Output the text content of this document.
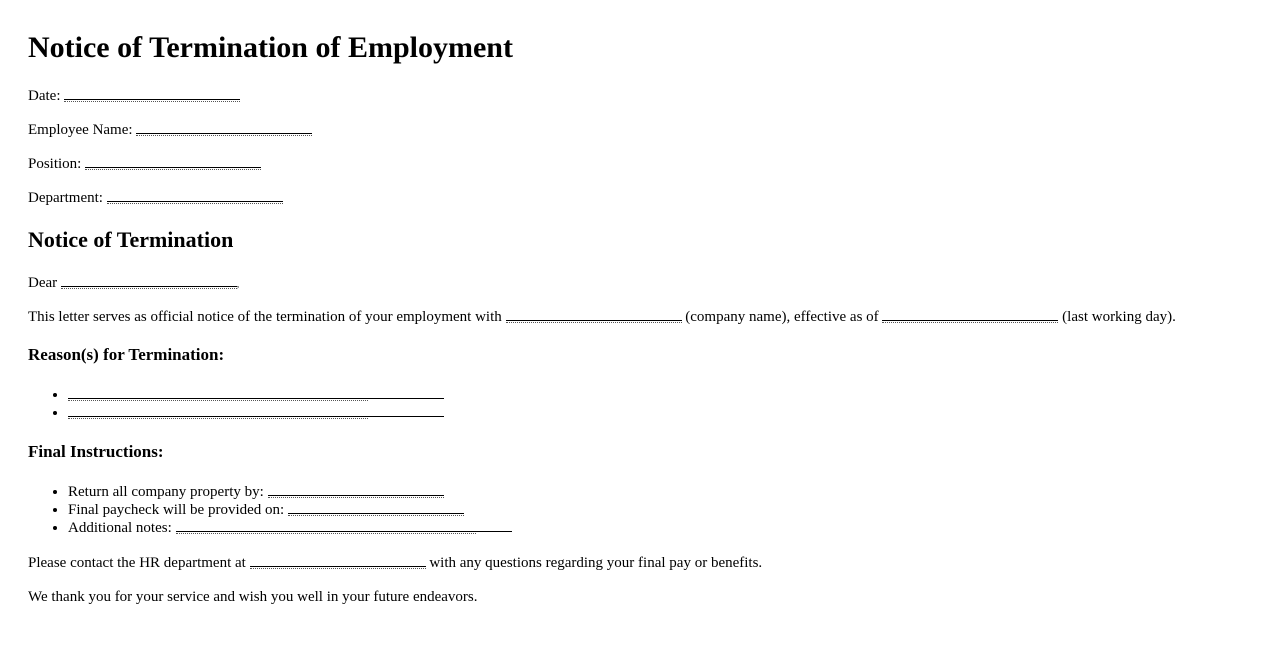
Notice of Termination of Employment
Date:
Employee Name:
Position:
Department:
Notice of Termination
Dear	,
This letter serves as official notice of the termination of your employment with	(company name), effective as of	(last working day).
Reason(s) for Termination:
•
•
Final Instructions:
• Return all company property by:
• Final paycheck will be provided on:
• Additional notes:
Please contact the HR department at	with any questions regarding your final pay or benefits.
We thank you for your service and wish you well in your future endeavors.
